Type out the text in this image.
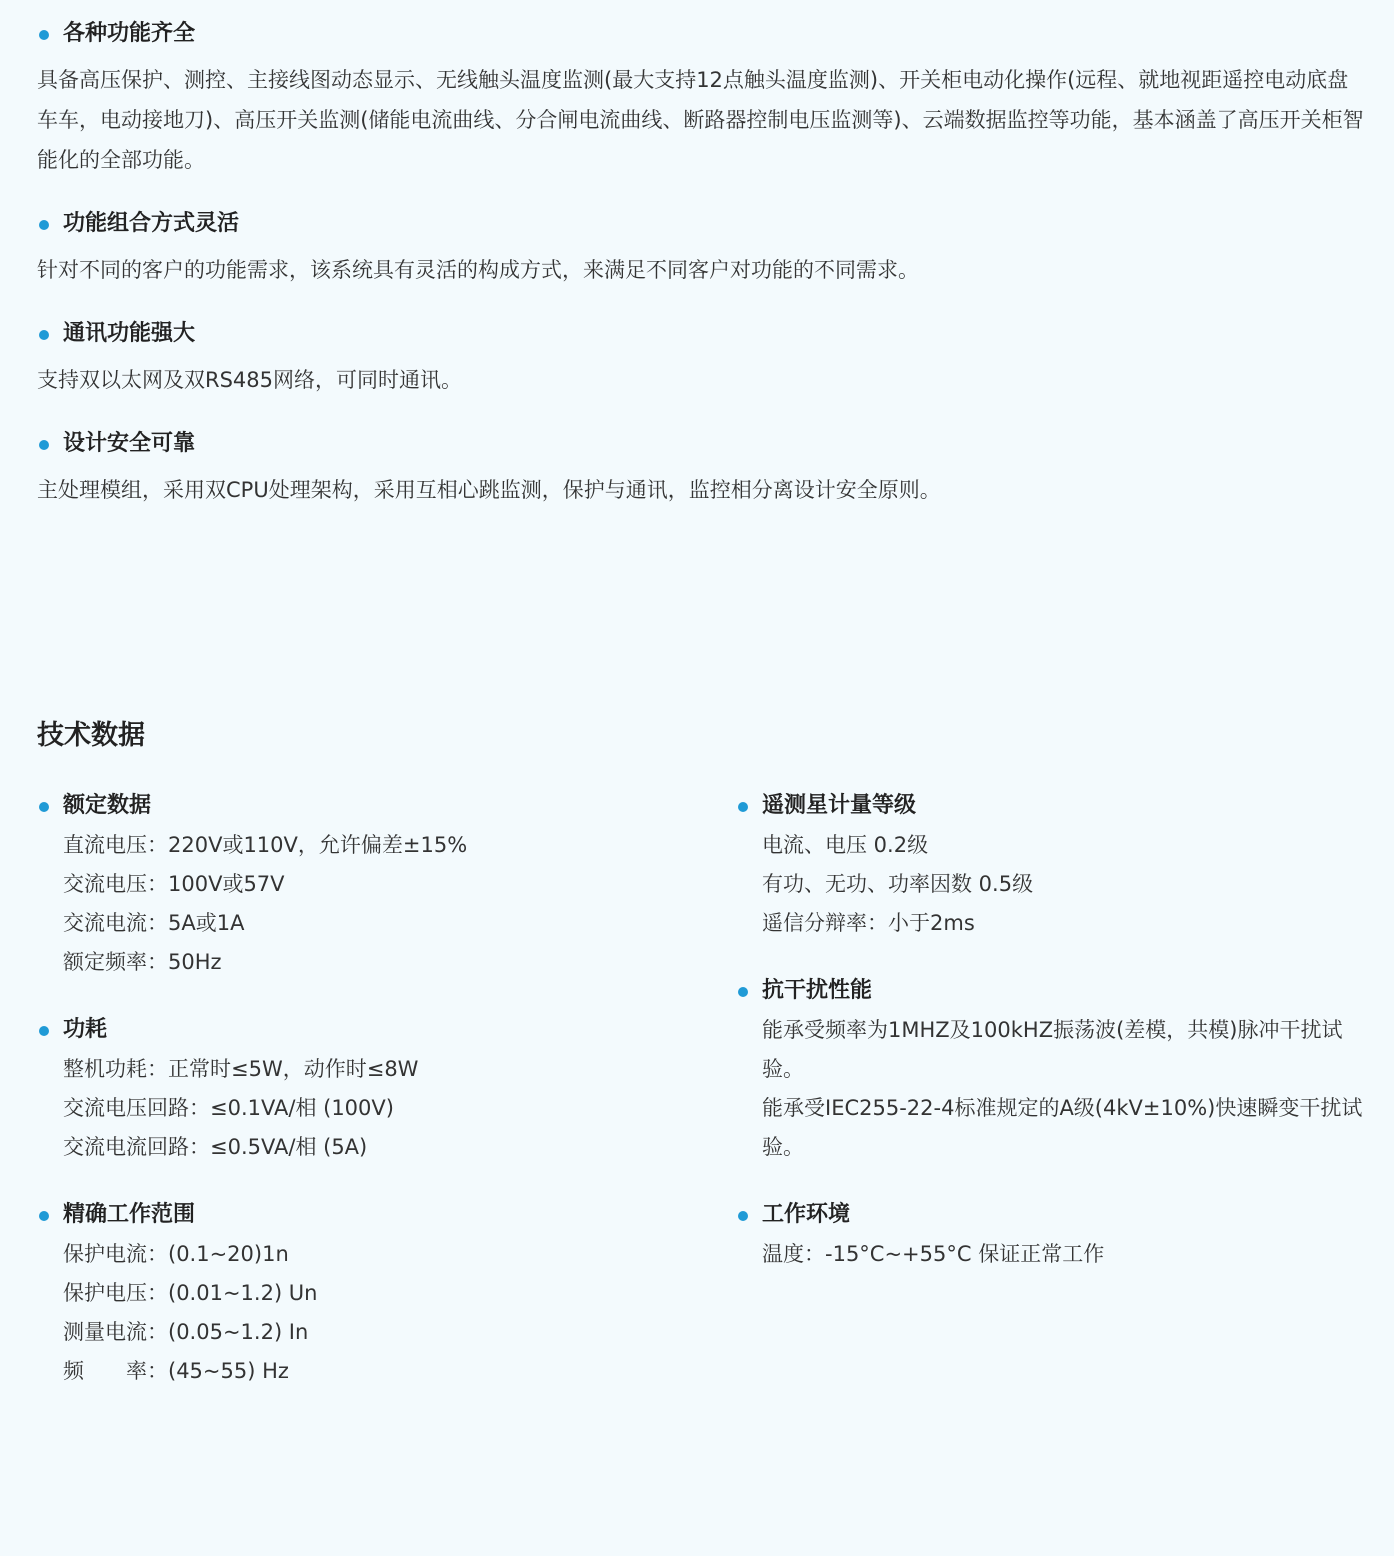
各种功能齐全
具备高压保护、测控、主接线图动态显示、无线触头温度监测(最大支持12点触头温度监测)、开关柜电动化操作(远程、就地视距遥控电动底盘车车，电动接地刀)、高压开关监测(储能电流曲线、分合闸电流曲线、断路器控制电压监测等)、云端数据监控等功能，基本涵盖了高压开关柜智能化的全部功能。
功能组合方式灵活
针对不同的客户的功能需求，该系统具有灵活的构成方式，来满足不同客户对功能的不同需求。
通讯功能强大
支持双以太网及双RS485网络，可同时通讯。
设计安全可靠
主处理模组，采用双CPU处理架构，采用互相心跳监测，保护与通讯，监控相分离设计安全原则。
技术数据
额定数据
直流电压：220V或110V，允许偏差±15%
交流电压：100V或57V
交流电流：5A或1A
额定频率：50Hz
功耗
整机功耗：正常时≤5W，动作时≤8W
交流电压回路：≤0.1VA/相 (100V)
交流电流回路：≤0.5VA/相 (5A)
精确工作范围
保护电流：(0.1~20)1n
保护电压：(0.01~1.2) Un
测量电流：(0.05~1.2) In
频　　率：(45~55) Hz
遥测星计量等级
电流、电压 0.2级
有功、无功、功率因数 0.5级
遥信分辩率：小于2ms
抗干扰性能
能承受频率为1MHZ及100kHZ振荡波(差模，共模)脉冲干扰试验。
能承受IEC255-22-4标准规定的A级(4kV±10%)快速瞬变干扰试验。
工作环境
温度：-15°C~+55°C 保证正常工作
